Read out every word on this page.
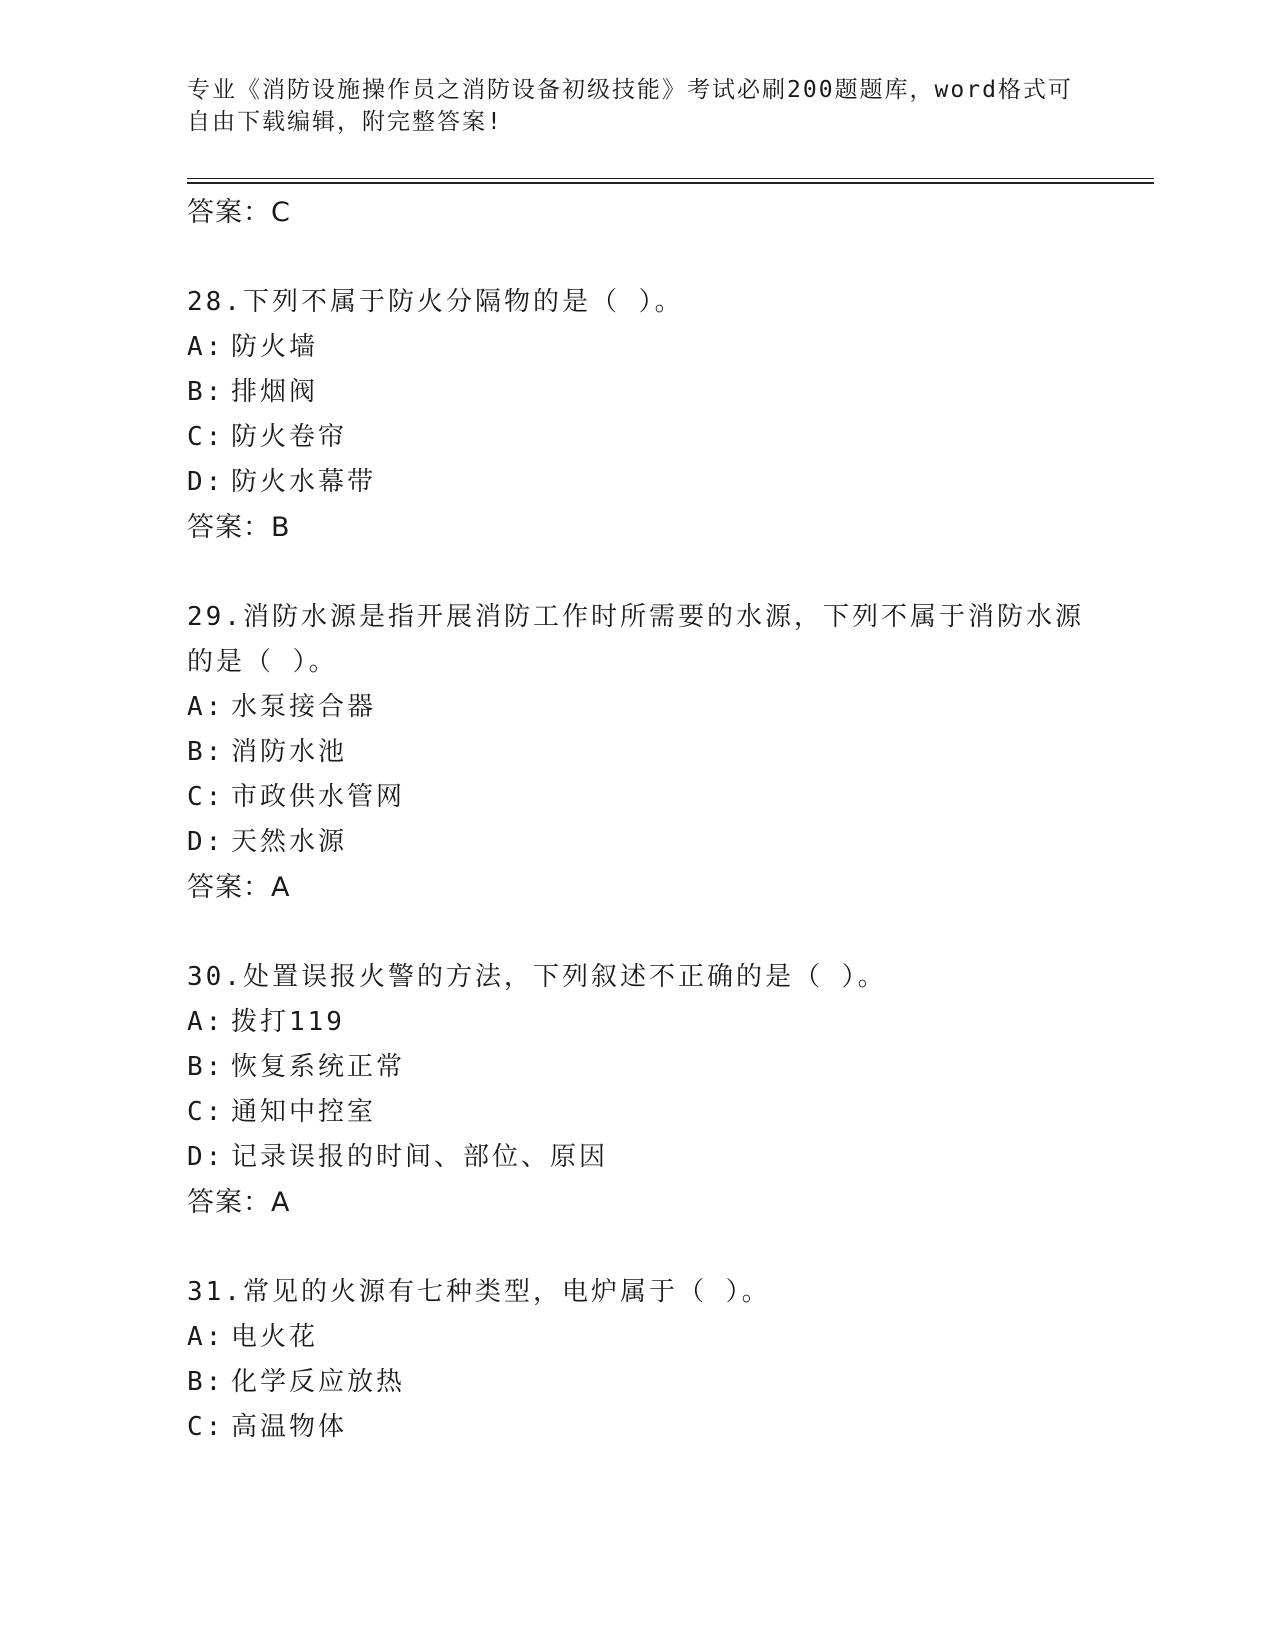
专业《消防设施操作员之消防设备初级技能》考试必刷200题题库，word格式可
自由下载编辑，附完整答案!
答案：C
28.下列不属于防火分隔物的是（ ）。
A: 防火墙
B: 排烟阀
C: 防火卷帘
D: 防火水幕带
答案：B
29.消防水源是指开展消防工作时所需要的水源，下列不属于消防水源
的是（ ）。
A: 水泵接合器
B: 消防水池
C: 市政供水管网
D: 天然水源
答案：A
30.处置误报火警的方法，下列叙述不正确的是（ ）。
A: 拨打119
B: 恢复系统正常
C: 通知中控室
D: 记录误报的时间、部位、原因
答案：A
31.常见的火源有七种类型，电炉属于（ ）。
A: 电火花
B: 化学反应放热
C: 高温物体
